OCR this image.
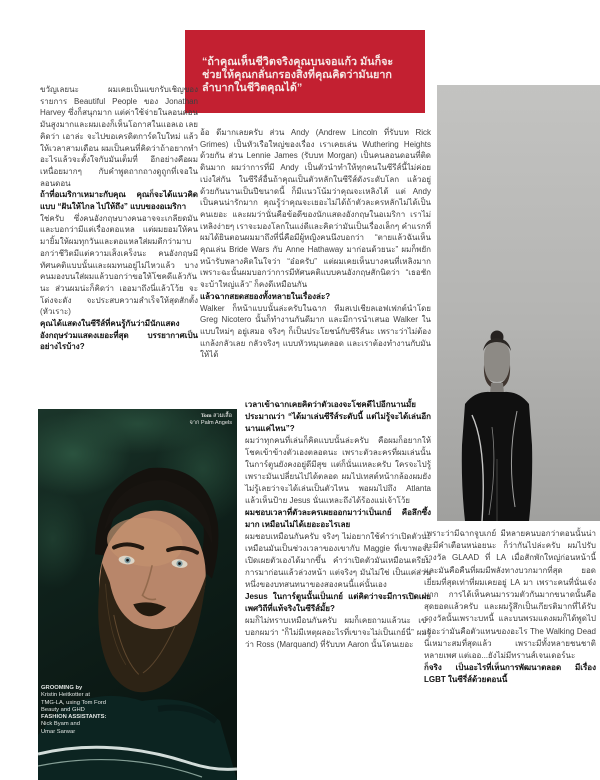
“ถ้าคุณเห็นชีวิตจริงคุณบนจอแก้ว มันก็จะช่วยให้คุณกลั่นกรองสิ่งที่คุณคิดว่ามันยากลำบากในชีวิตคุณได้”

ขวัญเลยนะ ผมเคยเป็นแขกรับเชิญของรายการ Beautiful People ของ Jonathan Harvey ซึ่งก็สนุกมาก แต่ค่าใช้จ่ายในลอนดอนมันสูงมากและผมเองก็เห็นโอกาสในแอลเอ เลยคิดว่า เอาล่ะ จะไปขอเครดิตการ์ดใบใหม่ แล้วให้เวลาสามเดือน ผมเป็นคนที่คิดว่าถ้าอยากทำอะไรแล้วจะตั้งใจกับมันเต็มที่ อีกอย่างคือผมเหนื่อยมากๆ กับคำพูดถากถางดูถูกที่เจอในลอนดอน

ถ้าที่อเมริกาเหมาะกับคุณ คุณก็จะได้แนวคิดแบบ “ฝันให้ไกล ไปให้ถึง” แบบของอเมริกา

ใช่ครับ ซึ่งคนอังกฤษบางคนอาจจะเกลียดมันและบอกว่ามีแต่เรื่องตอแหล แต่ผมยอมให้คนมายิ้มให้ผมทุกวันและตอแหลใส่ผมดีกว่ามาบอกว่าชีวิตมีแต่ความเส็งเคร็งนะ คนอังกฤษมีทัศนคติแบบนั้นและผมทนอยู่ไม่ไหวแล้ว บางคนมองบนใส่ผมแล้วบอกว่าขอให้โชคดีแล้วกันนะ ส่วนผมน่ะก็คิดว่า เออมาถึงนี่แล้วโว้ย จะโด่งจะดัง จะประสบความสำเร็จให้สุดสักตั้ง (หัวเราะ)

คุณได้แสดงในซีรีส์ที่คนรู้กันว่ามีนักแสดงอังกฤษร่วมแสดงเยอะที่สุด บรรยากาศเป็นอย่างไรบ้าง?

อ้อ ดีมากเลยครับ ส่วน Andy (Andrew Lincoln ที่รับบท Rick Grimes) เป็นหัวเรือใหญ่ของเรื่อง เราเคยเล่น Wuthering Heights ด้วยกัน ส่วน Lennie James (รับบท Morgan) เป็นคนลอนดอนที่ติดดินมาก ผมว่าการที่มี Andy เป็นตัวนำทำให้ทุกคนในซีรีส์นี้ไม่ค่อยเบ่งใส่กัน ในซีรีส์อื่นถ้าคุณเป็นตัวหลักในซีรีส์ดังระดับโลก แล้วอยู่ด้วยกันนานเป็นปีขนาดนี้ ก็มีแนวโน้มว่าคุณจะเหลิงได้ แต่ Andy เป็นคนน่ารักมาก คุณรู้ว่าคุณจะเยอะไม่ได้ถ้าตัวละครหลักไม่ได้เป็นคนเยอะ และผมว่านั่นคือข้อดีของนักแสดงอังกฤษในอเมริกา เราไม่เหลิงง่ายๆ เราจะมองโลกในแง่ดีและคิดว่ามันเป็นเรื่องเล็กๆ คำแรกที่ผมได้ยินตอนผมมาถึงที่นี่คือมีผู้หญิงคนนึงบอกว่า “ตายแล้วฉันเห็นคุณเล่น Bride Wars กับ Anne Hathaway มาก่อนด้วยนะ” ผมก็พยักหน้ารับพลางคิดในใจว่า “อ๋อครับ” แต่ผมเคยเห็นบางคนที่เหลิงมาก เพราะฉะนั้นผมบอกว่าการมีทัศนคติแบบคนอังกฤษสักนิดว่า “เธอชักจะบ้าใหญ่แล้ว” ก็คงดีเหมือนกัน

แล้วฉากสยดสยองทั้งหลายในเรื่องล่ะ?

Walker ก็หน้าแบบนั้นล่ะครับในฉาก ทีมสเปเชียลเอฟเฟกต์นำโดย Greg Nicotero นั้นก็ทำงานกันดีมาก และมีการนำเสนอ Walker ในแบบใหม่ๆ อยู่เสมอ จริงๆ ก็เป็นประโยชน์กับซีรีส์นะ เพราะว่าไม่ต้องแกล้งกลัวเลย กลัวจริงๆ แบบหัวหมุนตลอด และเราต้องทำงานกับมันให้ได้

เวลาเข้าฉากเคยคิดว่าตัวเองจะโชคดีไปอีกนานมั้ย ประมาณว่า “ได้มาเล่นซีรีส์ระดับนี้ แต่ไม่รู้จะได้เล่นอีกนานแค่ไหน”?

ผมว่าทุกคนที่เล่นก็คิดแบบนั้นล่ะครับ คือผมก็อยากให้โชคเข้าข้างตัวเองตลอดนะ เพราะตัวละครที่ผมเล่นนั้น ในการ์ตูนยังคงอยู่ดีมีสุข แต่ก็นั่นแหละครับ ใครจะไปรู้ เพราะมันเปลี่ยนไปได้ตลอด ผมไปเทสต์หน้ากล้องผมยังไม่รู้เลยว่าจะได้เล่นเป็นตัวไหน พอผมไปถึง Atlanta แล้วเห็นป้าย Jesus นั่นแหละถึงได้ร้องแม่เจ้าโว้ย

ผมชอบเวลาที่ตัวละครเผยออกมาว่าเป็นเกย์ คือลึกซึ้งมาก เหมือนไม่ได้เยอะอะไรเลย

ผมชอบเหมือนกันครับ จริงๆ ไม่อยากใช้คำว่าเปิดตัวนะ เหมือนมันเป็นช่วงเวลาของเขากับ Maggie ที่เขาพอจะเปิดเผยตัวเองได้มากขึ้น คำว่าเปิดตัวมันเหมือนเตรียมการมาก่อนแล้วล่วงหน้า แต่จริงๆ มันไม่ใช่ เป็นแค่ส่วนหนึ่งของบทสนทนาของสองคนนี้แค่นั้นเอง

Jesus ในการ์ตูนนั้นเป็นเกย์ แต่คิดว่าจะมีการเปิดเผยเพศวิถีที่แท้จริงในซีรีส์มั้ย?

ผมก็ไม่ทราบเหมือนกันครับ ผมก็เคยถามแล้วนะ เขาบอกผมว่า “ก็ไม่มีเหตุผลอะไรที่เขาจะไม่เป็นเกย์นี่” ผมรู้ว่า Ross (Marquand) ที่รับบท Aaron นั้นโดนเยอะ

เพราะว่ามีฉากจูบเกย์ มีหลายคนบอกว่าตอนนั้นน่าจะมีคำเตือนหน่อยนะ ก็ว่ากันไปล่ะครับ ผมไปรับรางวัล GLAAD ที่ LA เมื่อสักพักใหญ่ก่อนหน้านี้ และมันคือคืนที่ผมมีพลังทางบวกมากที่สุด ยอดเยี่ยมที่สุดเท่าที่ผมเคยอยู่ LA มา เพราะคนที่นั่นเจ๋งมาก การได้เห็นคนมารวมตัวกันมากขนาดนั้นคือสุดยอดแล้วครับ และผมรู้สึกเป็นเกียรติมากที่ได้รับรางวัลนั้นเพราะบทนี้ และบนพรมแดงผมก็ได้พูดไปเยอะว่ามันคือตัวแทนของอะไร The Walking Dead นี่เหมาะสมที่สุดแล้ว เพราะมีทั้งหลายชนชาติ หลายเพศ แต่เออ...ยังไม่มีทรานส์เจนเดอร์นะ

ก็จริง เป็นอะไรที่เห็นการพัฒนาตลอด มีเรื่อง LGBT ในซีรี่ส์ด้วยตอนนี้

Tom สวมเสื้อ
จาก Palm Angels
GROOMING by
Kristin Heitkotter at
TMG-LA, using Tom Ford
Beauty and GHD
FASHION ASSISTANTS:
Nick Byam and
Umar Sarwar
